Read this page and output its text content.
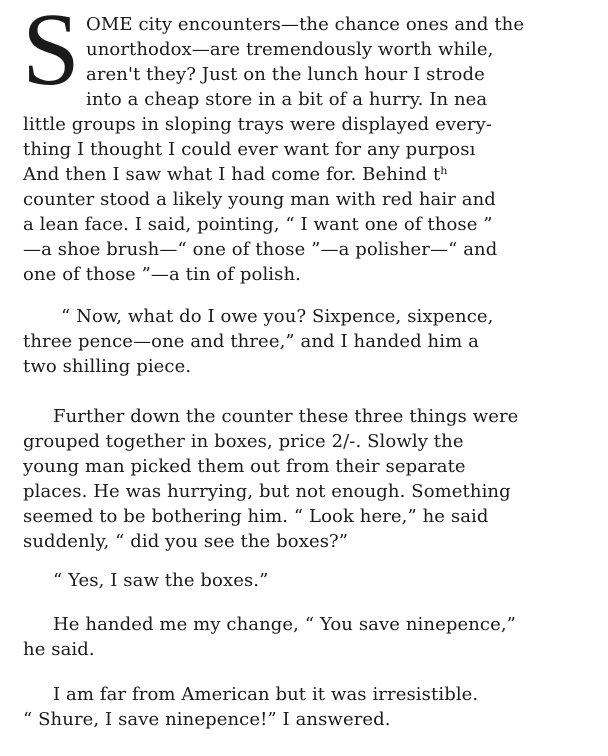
S OME city encounters—the chance ones and the
unorthodox—are tremendously worth while,
aren't they? Just on the lunch hour I strode
into a cheap store in a bit of a hurry. In nea
little groups in sloping trays were displayed every-
thing I thought I could ever want for any purposı
And then I saw what I had come for. Behind tʰ
counter stood a likely young man with red hair and
a lean face. I said, pointing, “ I want one of those ”
—a shoe brush—“ one of those ”—a polisher—“ and
one of those ”—a tin of polish.
“ Now, what do I owe you? Sixpence, sixpence,
three pence—one and three,” and I handed him a
two shilling piece.
Further down the counter these three things were
grouped together in boxes, price 2/-. Slowly the
young man picked them out from their separate
places. He was hurrying, but not enough. Something
seemed to be bothering him. “ Look here,” he said
suddenly, “ did you see the boxes?”
“ Yes, I saw the boxes.”
He handed me my change, “ You save ninepence,”
he said.
I am far from American but it was irresistible.
“ Shure, I save ninepence!” I answered.
